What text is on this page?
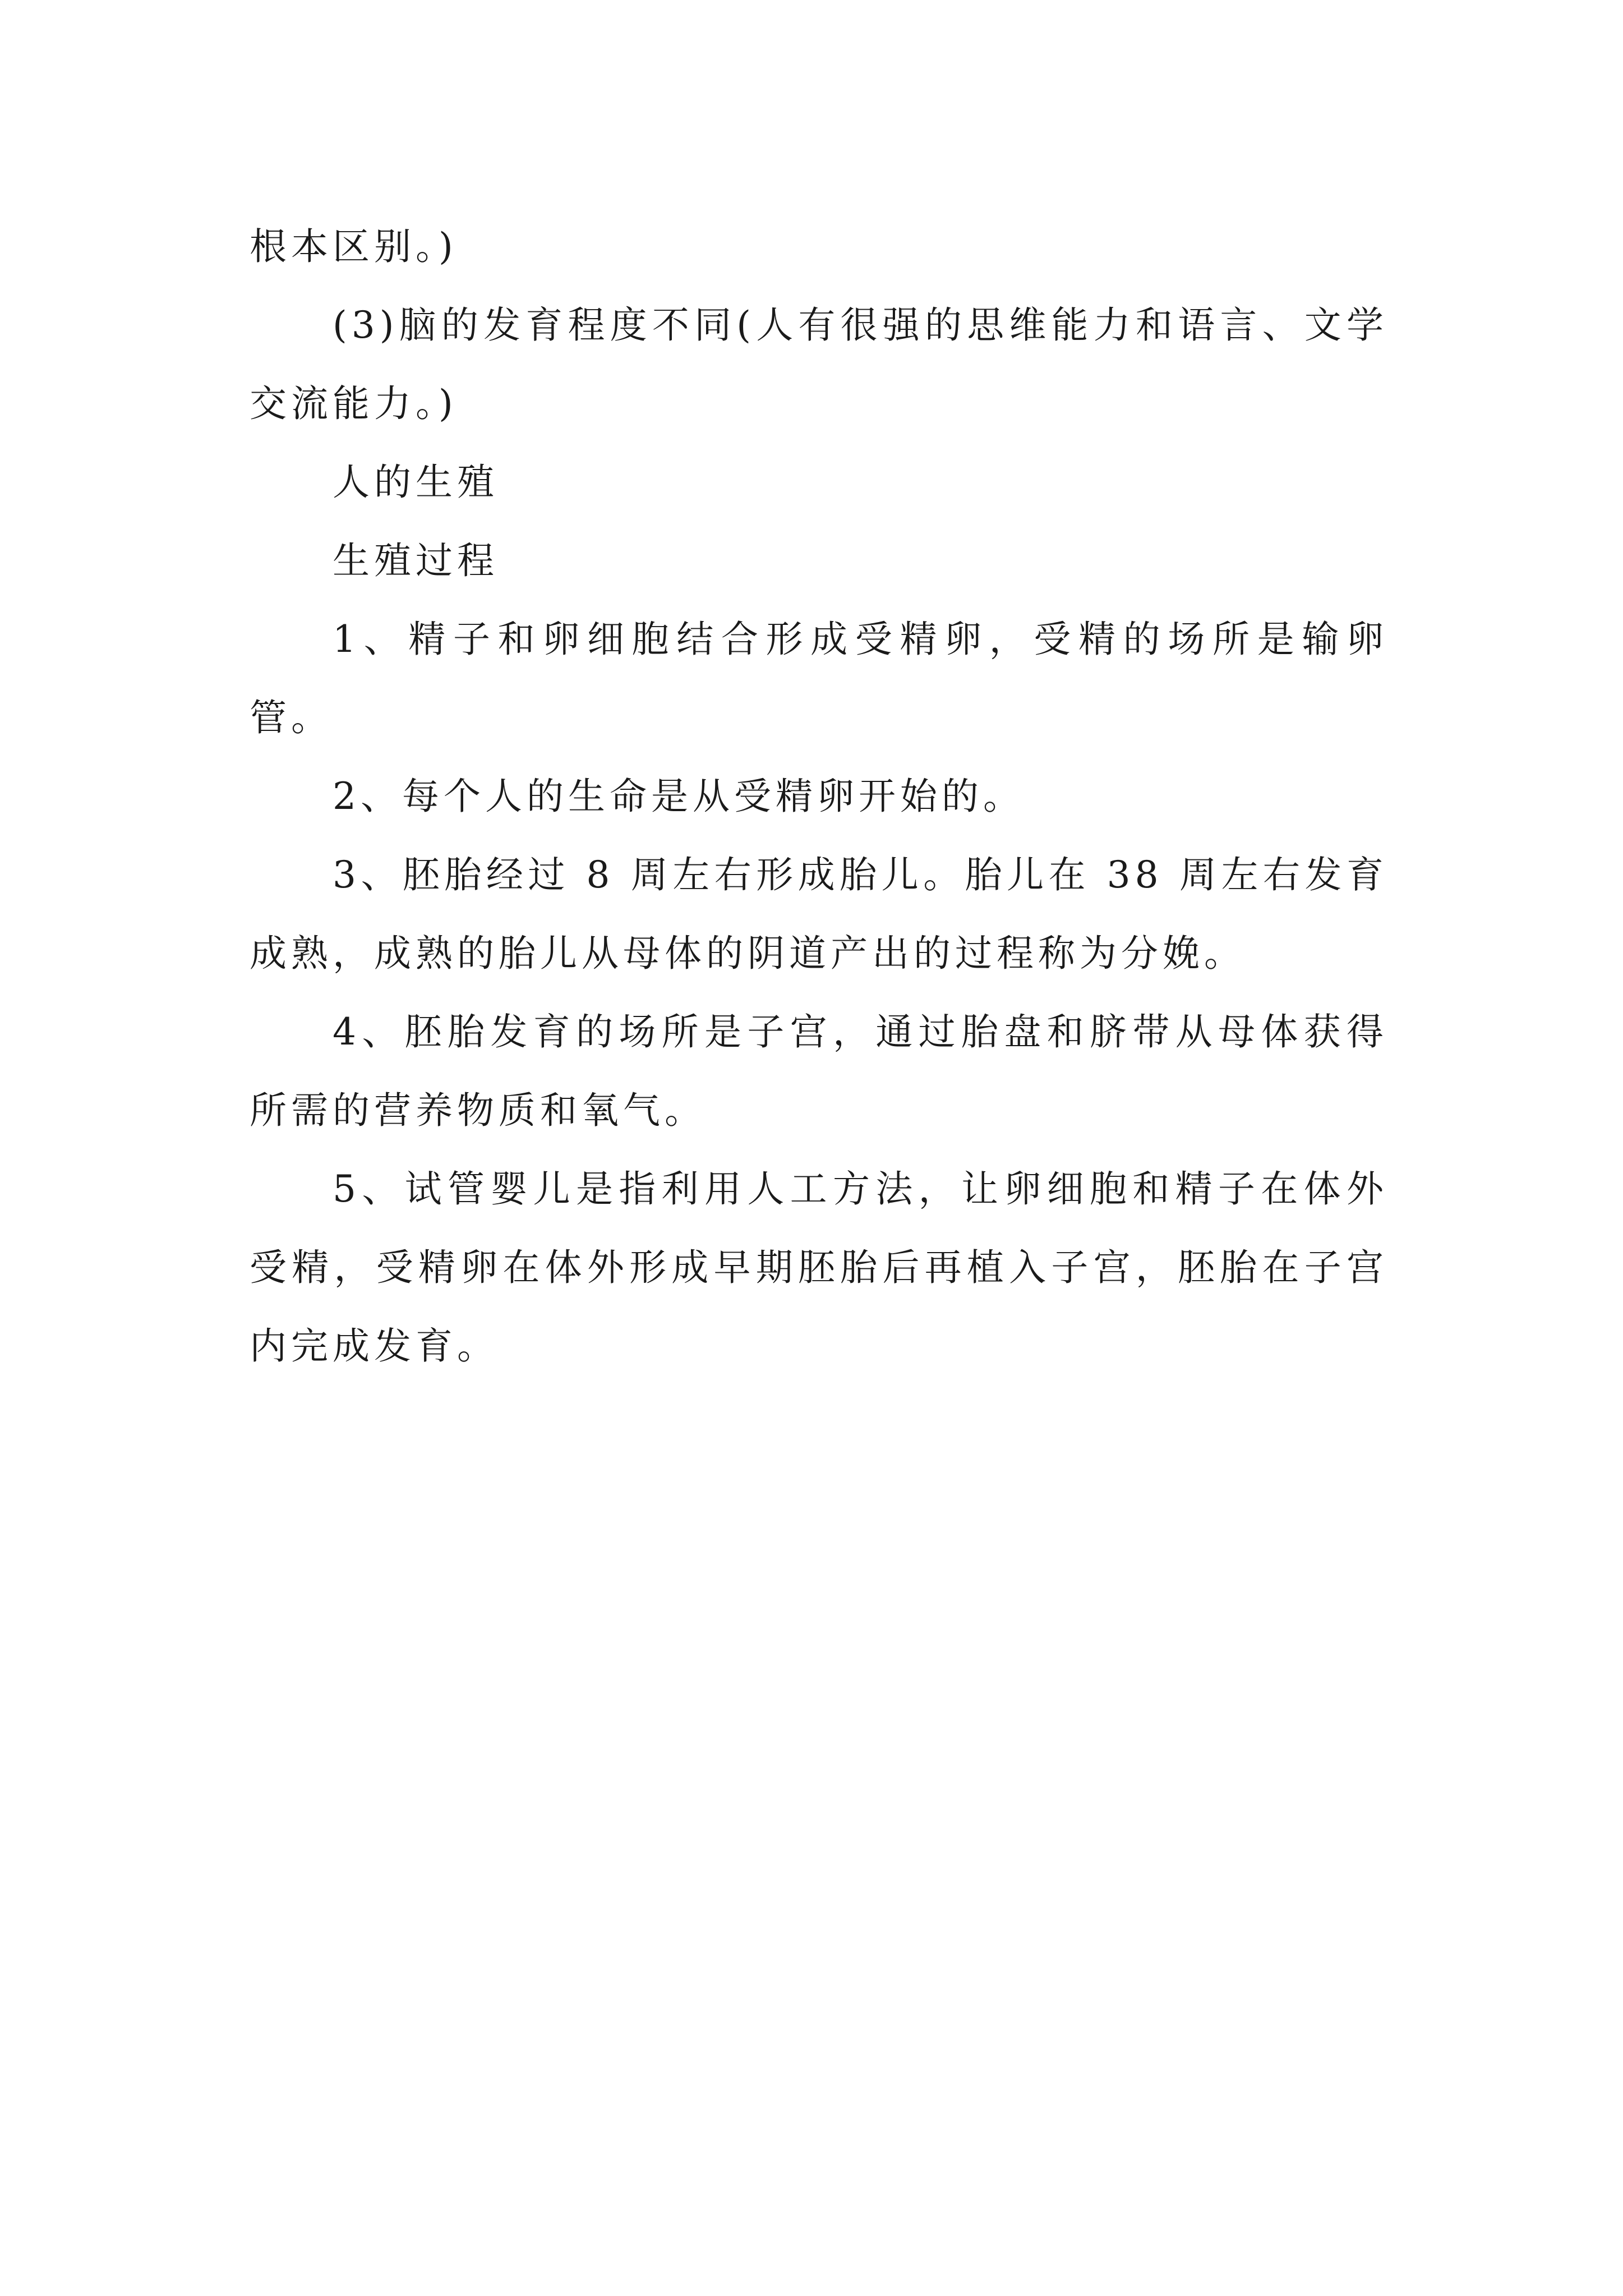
根本区别。)

(3)脑的发育程度不同(人有很强的思维能力和语言、文学交流能力。)

人的生殖

生殖过程

1、精子和卵细胞结合形成受精卵，受精的场所是输卵管。

2、每个人的生命是从受精卵开始的。

3、胚胎经过 8 周左右形成胎儿。胎儿在 38 周左右发育成熟，成熟的胎儿从母体的阴道产出的过程称为分娩。

4、胚胎发育的场所是子宫，通过胎盘和脐带从母体获得所需的营养物质和氧气。

5、试管婴儿是指利用人工方法，让卵细胞和精子在体外受精，受精卵在体外形成早期胚胎后再植入子宫，胚胎在子宫内完成发育。
